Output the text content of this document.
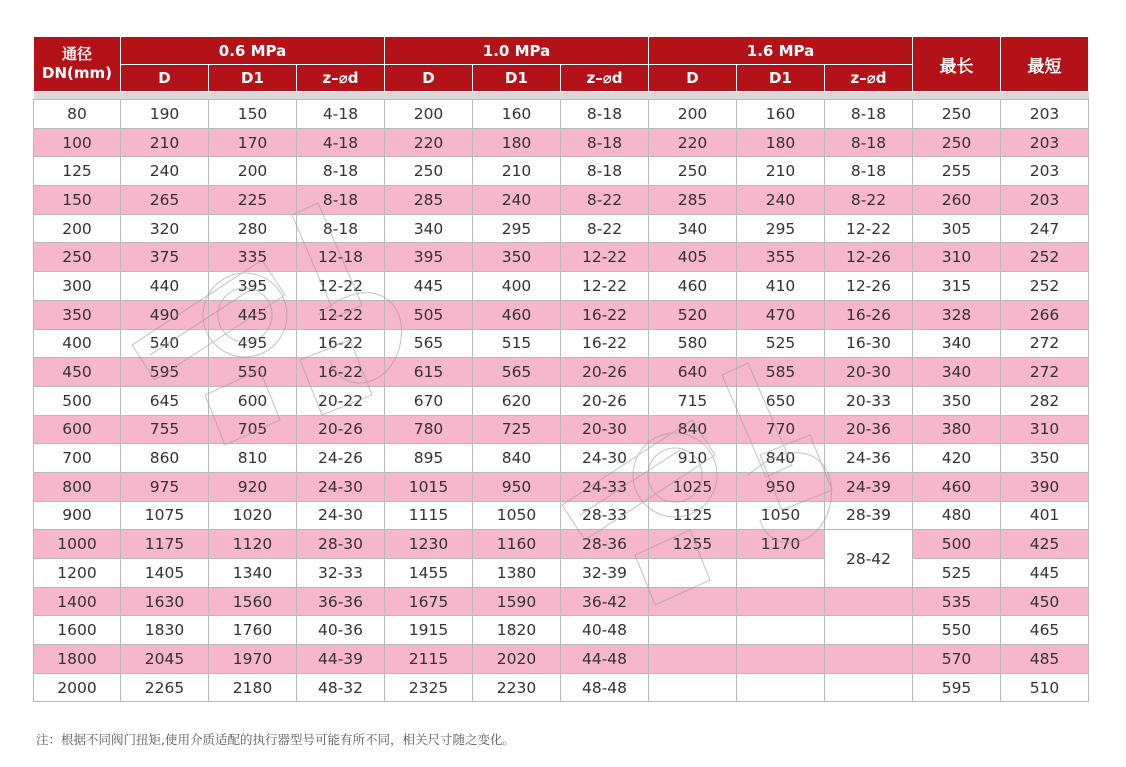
通径
DN(mm)	0.6 MPa			1.0 MPa			1.6 MPa			最长	最短
	D	D1	z–⌀d	D	D1	z–⌀d	D	D1	z–⌀d		

80	190	150	4-18	200	160	8-18	200	160	8-18	250	203
100	210	170	4-18	220	180	8-18	220	180	8-18	250	203
125	240	200	8-18	250	210	8-18	250	210	8-18	255	203
150	265	225	8-18	285	240	8-22	285	240	8-22	260	203
200	320	280	8-18	340	295	8-22	340	295	12-22	305	247
250	375	335	12-18	395	350	12-22	405	355	12-26	310	252
300	440	395	12-22	445	400	12-22	460	410	12-26	315	252
350	490	445	12-22	505	460	16-22	520	470	16-26	328	266
400	540	495	16-22	565	515	16-22	580	525	16-30	340	272
450	595	550	16-22	615	565	20-26	640	585	20-30	340	272
500	645	600	20-22	670	620	20-26	715	650	20-33	350	282
600	755	705	20-26	780	725	20-30	840	770	20-36	380	310
700	860	810	24-26	895	840	24-30	910	840	24-36	420	350
800	975	920	24-30	1015	950	24-33	1025	950	24-39	460	390
900	1075	1020	24-30	1115	1050	28-33	1125	1050	28-39	480	401
1000	1175	1120	28-30	1230	1160	28-36	1255	1170	28-42	500	425
1200	1405	1340	32-33	1455	1380	32-39				525	445
1400	1630	1560	36-36	1675	1590	36-42				535	450
1600	1830	1760	40-36	1915	1820	40-48				550	465
1800	2045	1970	44-39	2115	2020	44-48				570	485
2000	2265	2180	48-32	2325	2230	48-48				595	510
注：根据不同阀门扭矩,使用介质适配的执行器型号可能有所不同，相关尺寸随之变化。
